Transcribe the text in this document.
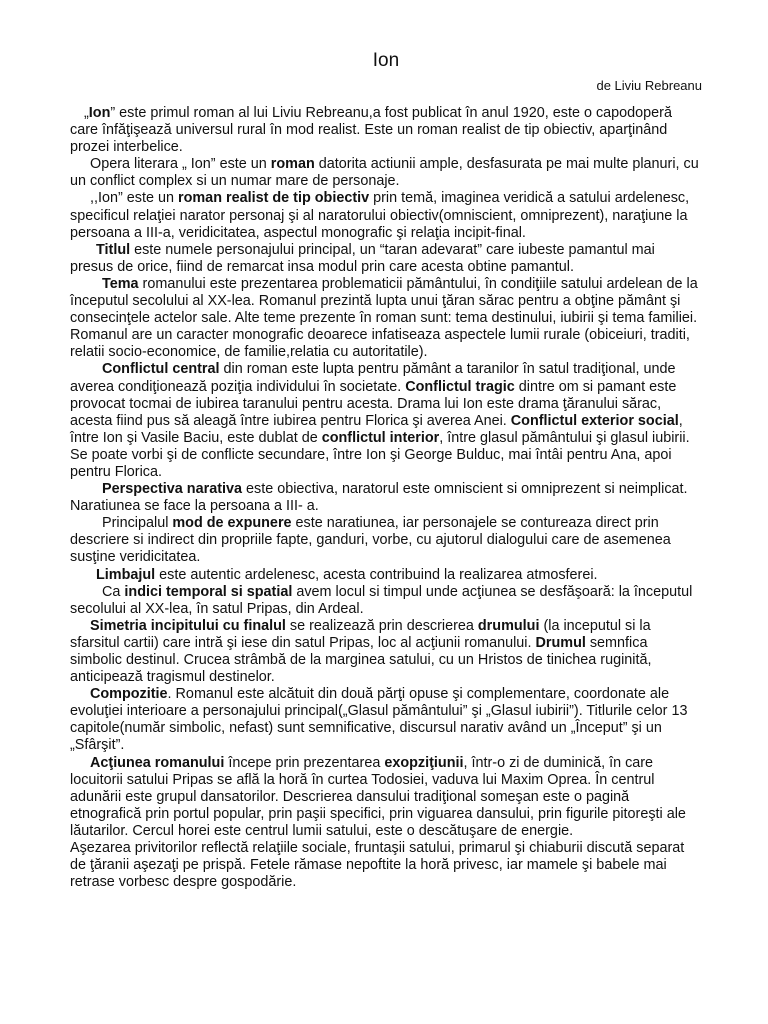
Ion
de Liviu Rebreanu

„Ion” este primul roman al lui Liviu Rebreanu,a fost publicat în anul 1920, este o capodoperă care înfăţişează universul rural în mod realist. Este un roman realist de tip obiectiv, aparţinând prozei interbelice.

Opera literara „ Ion” este un roman datorita actiunii ample, desfasurata pe mai multe planuri, cu un conflict complex si un numar mare de personaje.

,,Ion” este un roman realist de tip obiectiv prin temă, imaginea veridică a satului ardelenesc, specificul relaţiei narator personaj şi al naratorului obiectiv(omniscient, omniprezent), naraţiune la persoana a III-a, veridicitatea, aspectul monografic şi relaţia incipit-final.

Titlul este numele personajului principal, un “taran adevarat” care iubeste pamantul mai presus de orice, fiind de remarcat insa modul prin care acesta obtine pamantul.

Tema romanului este prezentarea problematicii pământului, în condiţiile satului ardelean de la începutul secolului al XX-lea. Romanul prezintă lupta unui ţăran sărac pentru a obţine pământ şi consecinţele actelor sale. Alte teme prezente în roman sunt: tema destinului, iubirii şi tema familiei. Romanul are un caracter monografic deoarece infatiseaza aspectele lumii rurale (obiceiuri, traditi, relatii socio-economice, de familie,relatia cu autoritatile).

Conflictul central din roman este lupta pentru pământ a taranilor în satul tradiţional, unde averea condiţionează poziţia individului în societate. Conflictul tragic dintre om si pamant este provocat tocmai de iubirea taranului pentru acesta. Drama lui Ion este drama ţăranului sărac, acesta fiind pus să aleagă între iubirea pentru Florica şi averea Anei. Conflictul exterior social, între Ion şi Vasile Baciu, este dublat de conflictul interior, între glasul pământului şi glasul iubirii. Se poate vorbi şi de conflicte secundare, între Ion şi George Bulduc, mai întâi pentru Ana, apoi pentru Florica.

Perspectiva narativa este obiectiva, naratorul este omniscient si omniprezent si neimplicat. Naratiunea se face la persoana a III- a.

Principalul mod de expunere este naratiunea, iar personajele se contureaza direct prin descriere si indirect din propriile fapte, ganduri, vorbe, cu ajutorul dialogului care de asemenea susţine veridicitatea.

Limbajul este autentic ardelenesc, acesta contribuind la realizarea atmosferei.

Ca indici temporal si spatial avem locul si timpul unde acţiunea se desfăşoară: la începutul secolului al XX-lea, în satul Pripas, din Ardeal.

Simetria incipitului cu finalul se realizează prin descrierea drumului (la inceputul si la sfarsitul cartii) care intră şi iese din satul Pripas, loc al acţiunii romanului. Drumul semnfica simbolic destinul. Crucea strâmbă de la marginea satului, cu un Hristos de tinichea ruginită, anticipează tragismul destinelor.

Compozitie. Romanul este alcătuit din două părţi opuse şi complementare, coordonate ale evoluţiei interioare a personajului principal(„Glasul pământului” şi „Glasul iubirii”). Titlurile celor 13 capitole(număr simbolic, nefast) sunt semnificative, discursul narativ având un „Început” şi un „Sfârşit”.

Acţiunea romanului începe prin prezentarea exopziţiunii, într-o zi de duminică, în care locuitorii satului Pripas se află la horă în curtea Todosiei, vaduva lui Maxim Oprea. În centrul adunării este grupul dansatorilor. Descrierea dansului tradiţional someşan este o pagină etnografică prin portul popular, prin paşii specifici, prin viguarea dansului, prin figurile pitoreşti ale lăutarilor. Cercul horei este centrul lumii satului, este o descătuşare de energie.

Aşezarea privitorilor reflectă relaţiile sociale, fruntaşii satului, primarul şi chiaburii discută separat de ţăranii aşezaţi pe prispă. Fetele rămase nepoftite la horă privesc, iar mamele şi babele mai retrase vorbesc despre gospodărie.
